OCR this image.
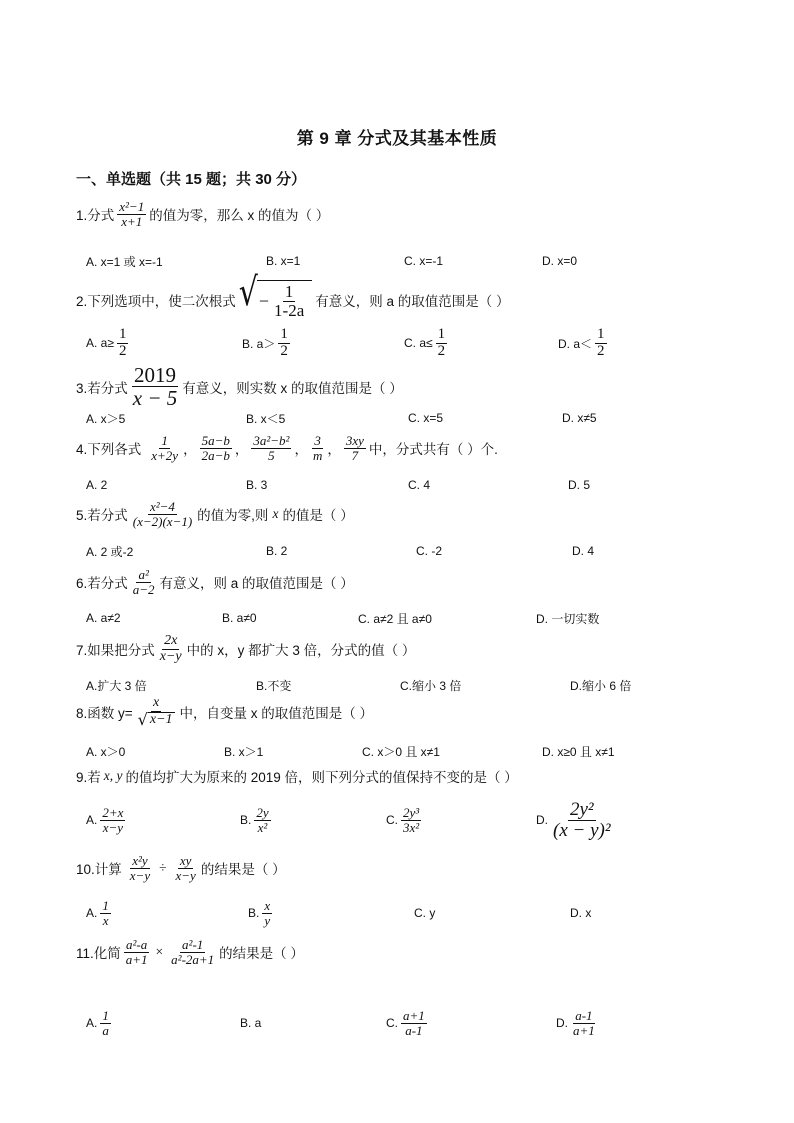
第 9 章 分式及其基本性质
一、单选题（共 15 题；共 30 分）
1.分式
x²−1
x+1 的值为零，那么 x 的值为（ ）
A. x=1 或 x=-1	B. x=1	C. x=-1	D. x=0
2.下列选项中，使二次根式 √ − $\frac{1}{1-2a}$ 有意义，则 a 的取值范围是（ ）
A. $a\ge \frac{1}{2}$	B. a＞
1
2	C. $a\le \frac{1}{2}$	D. a＜
1
2
3.若分式
2019
x − 5 有意义，则实数 x 的取值范围是（ ）
A. x＞5	B. x＜5	C. x=5	D. x≠5
4.下列各式
1
x+2y ，
5a−b
2a−b ，
3a²−b²
5 ，
3
m ，
3xy
7 中，分式共有（ ）个.
A. 2	B. 3	C. 4	D. 5
5.若分式
x²−4
(x−2)(x−1) 的值为零,则 x 的值是（ ）
A. 2 或-2	B. 2	C. -2	D. 4
6.若分式
a²
a−2 有意义，则 a 的取值范围是（ ）
A. a≠2	B. a≠0	C. a≠2 且 a≠0	D. 一切实数
7.如果把分式
2x
x−y 中的 x，y 都扩大 3 倍，分式的值（ ）
A.扩大 3 倍	B.不变	C.缩小 3 倍	D.缩小 6 倍
8.函数 $y= \frac{x}{√ x-1}$ 中，自变量 x 的取值范围是（ ）
A. x＞0	B. x＞1	C. x＞0 且 x≠1	D. x≥0 且 x≠1
9.若 x, y 的值均扩大为原来的 2019 倍，则下列分式的值保持不变的是（ ）
A.
2+x
x−y	B.
2y
x²	C.
2y³
3x²	D.
2y²
(x − y)²
10.计算 $\frac{\text{x²y}}{x-y} \div \frac{xy}{x-y}$ 的结果是（ ）
A.
1
x	B.
x
y	C. y	D. x
11.化简 $\frac{\text{a²-a}}{a+1} \times \frac{\text{a²-1}}{\text{a²-2a+1}}$ 的结果是（ ）
A.
1
a	B. a	C.
a+1
a-1	D.
a-1
a+1
